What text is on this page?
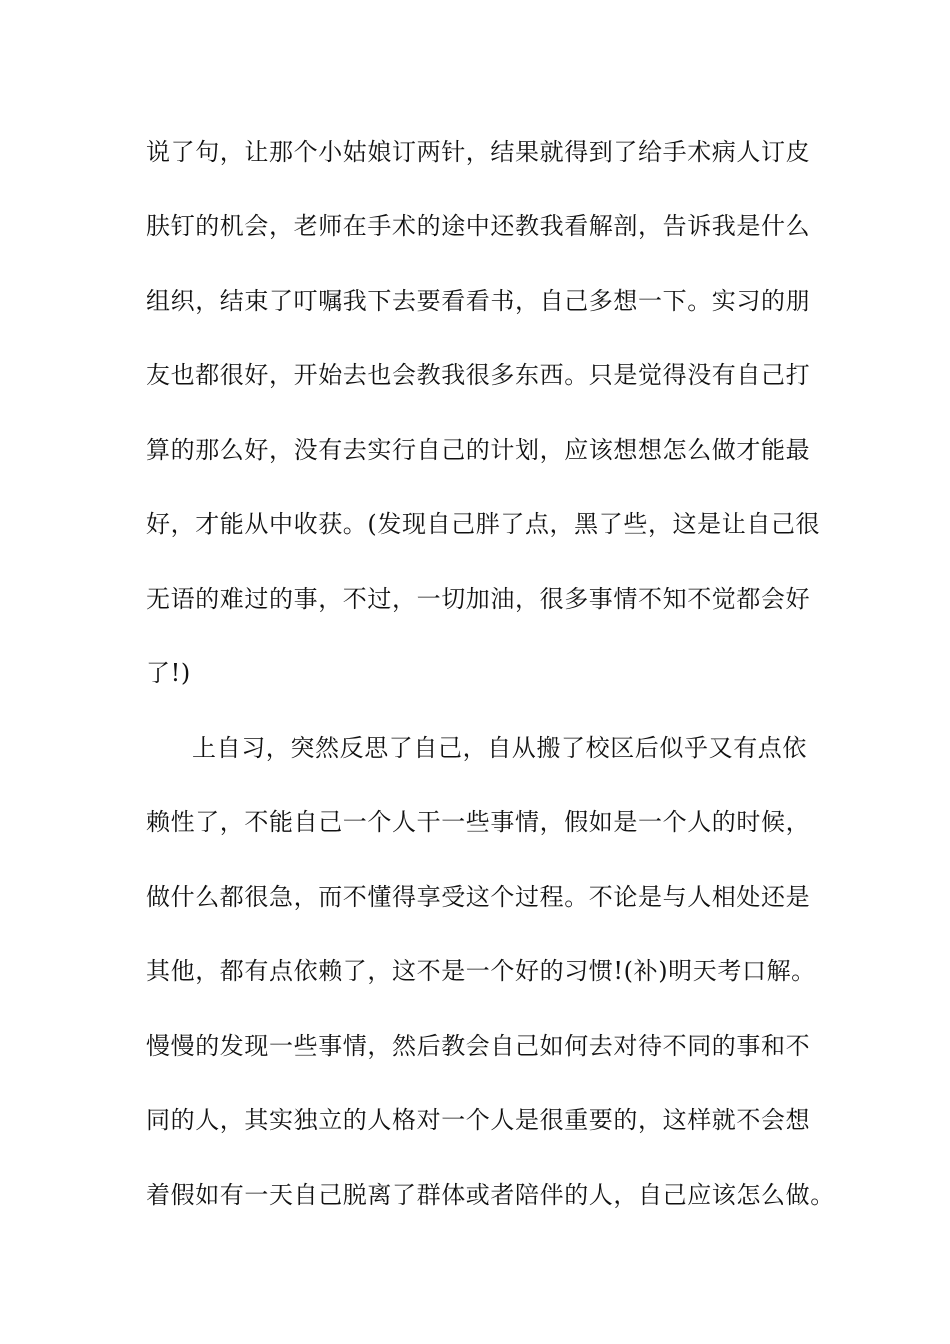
说了句，让那个小姑娘订两针，结果就得到了给手术病人订皮
肤钉的机会，老师在手术的途中还教我看解剖，告诉我是什么
组织，结束了叮嘱我下去要看看书，自己多想一下。实习的朋
友也都很好，开始去也会教我很多东西。只是觉得没有自己打
算的那么好，没有去实行自己的计划，应该想想怎么做才能最
好，才能从中收获。(发现自己胖了点，黑了些，这是让自己很
无语的难过的事，不过，一切加油，很多事情不知不觉都会好
了!)
上自习，突然反思了自己，自从搬了校区后似乎又有点依
赖性了，不能自己一个人干一些事情，假如是一个人的时候，
做什么都很急，而不懂得享受这个过程。不论是与人相处还是
其他，都有点依赖了，这不是一个好的习惯!(补)明天考口解。
慢慢的发现一些事情，然后教会自己如何去对待不同的事和不
同的人，其实独立的人格对一个人是很重要的，这样就不会想
着假如有一天自己脱离了群体或者陪伴的人，自己应该怎么做。
